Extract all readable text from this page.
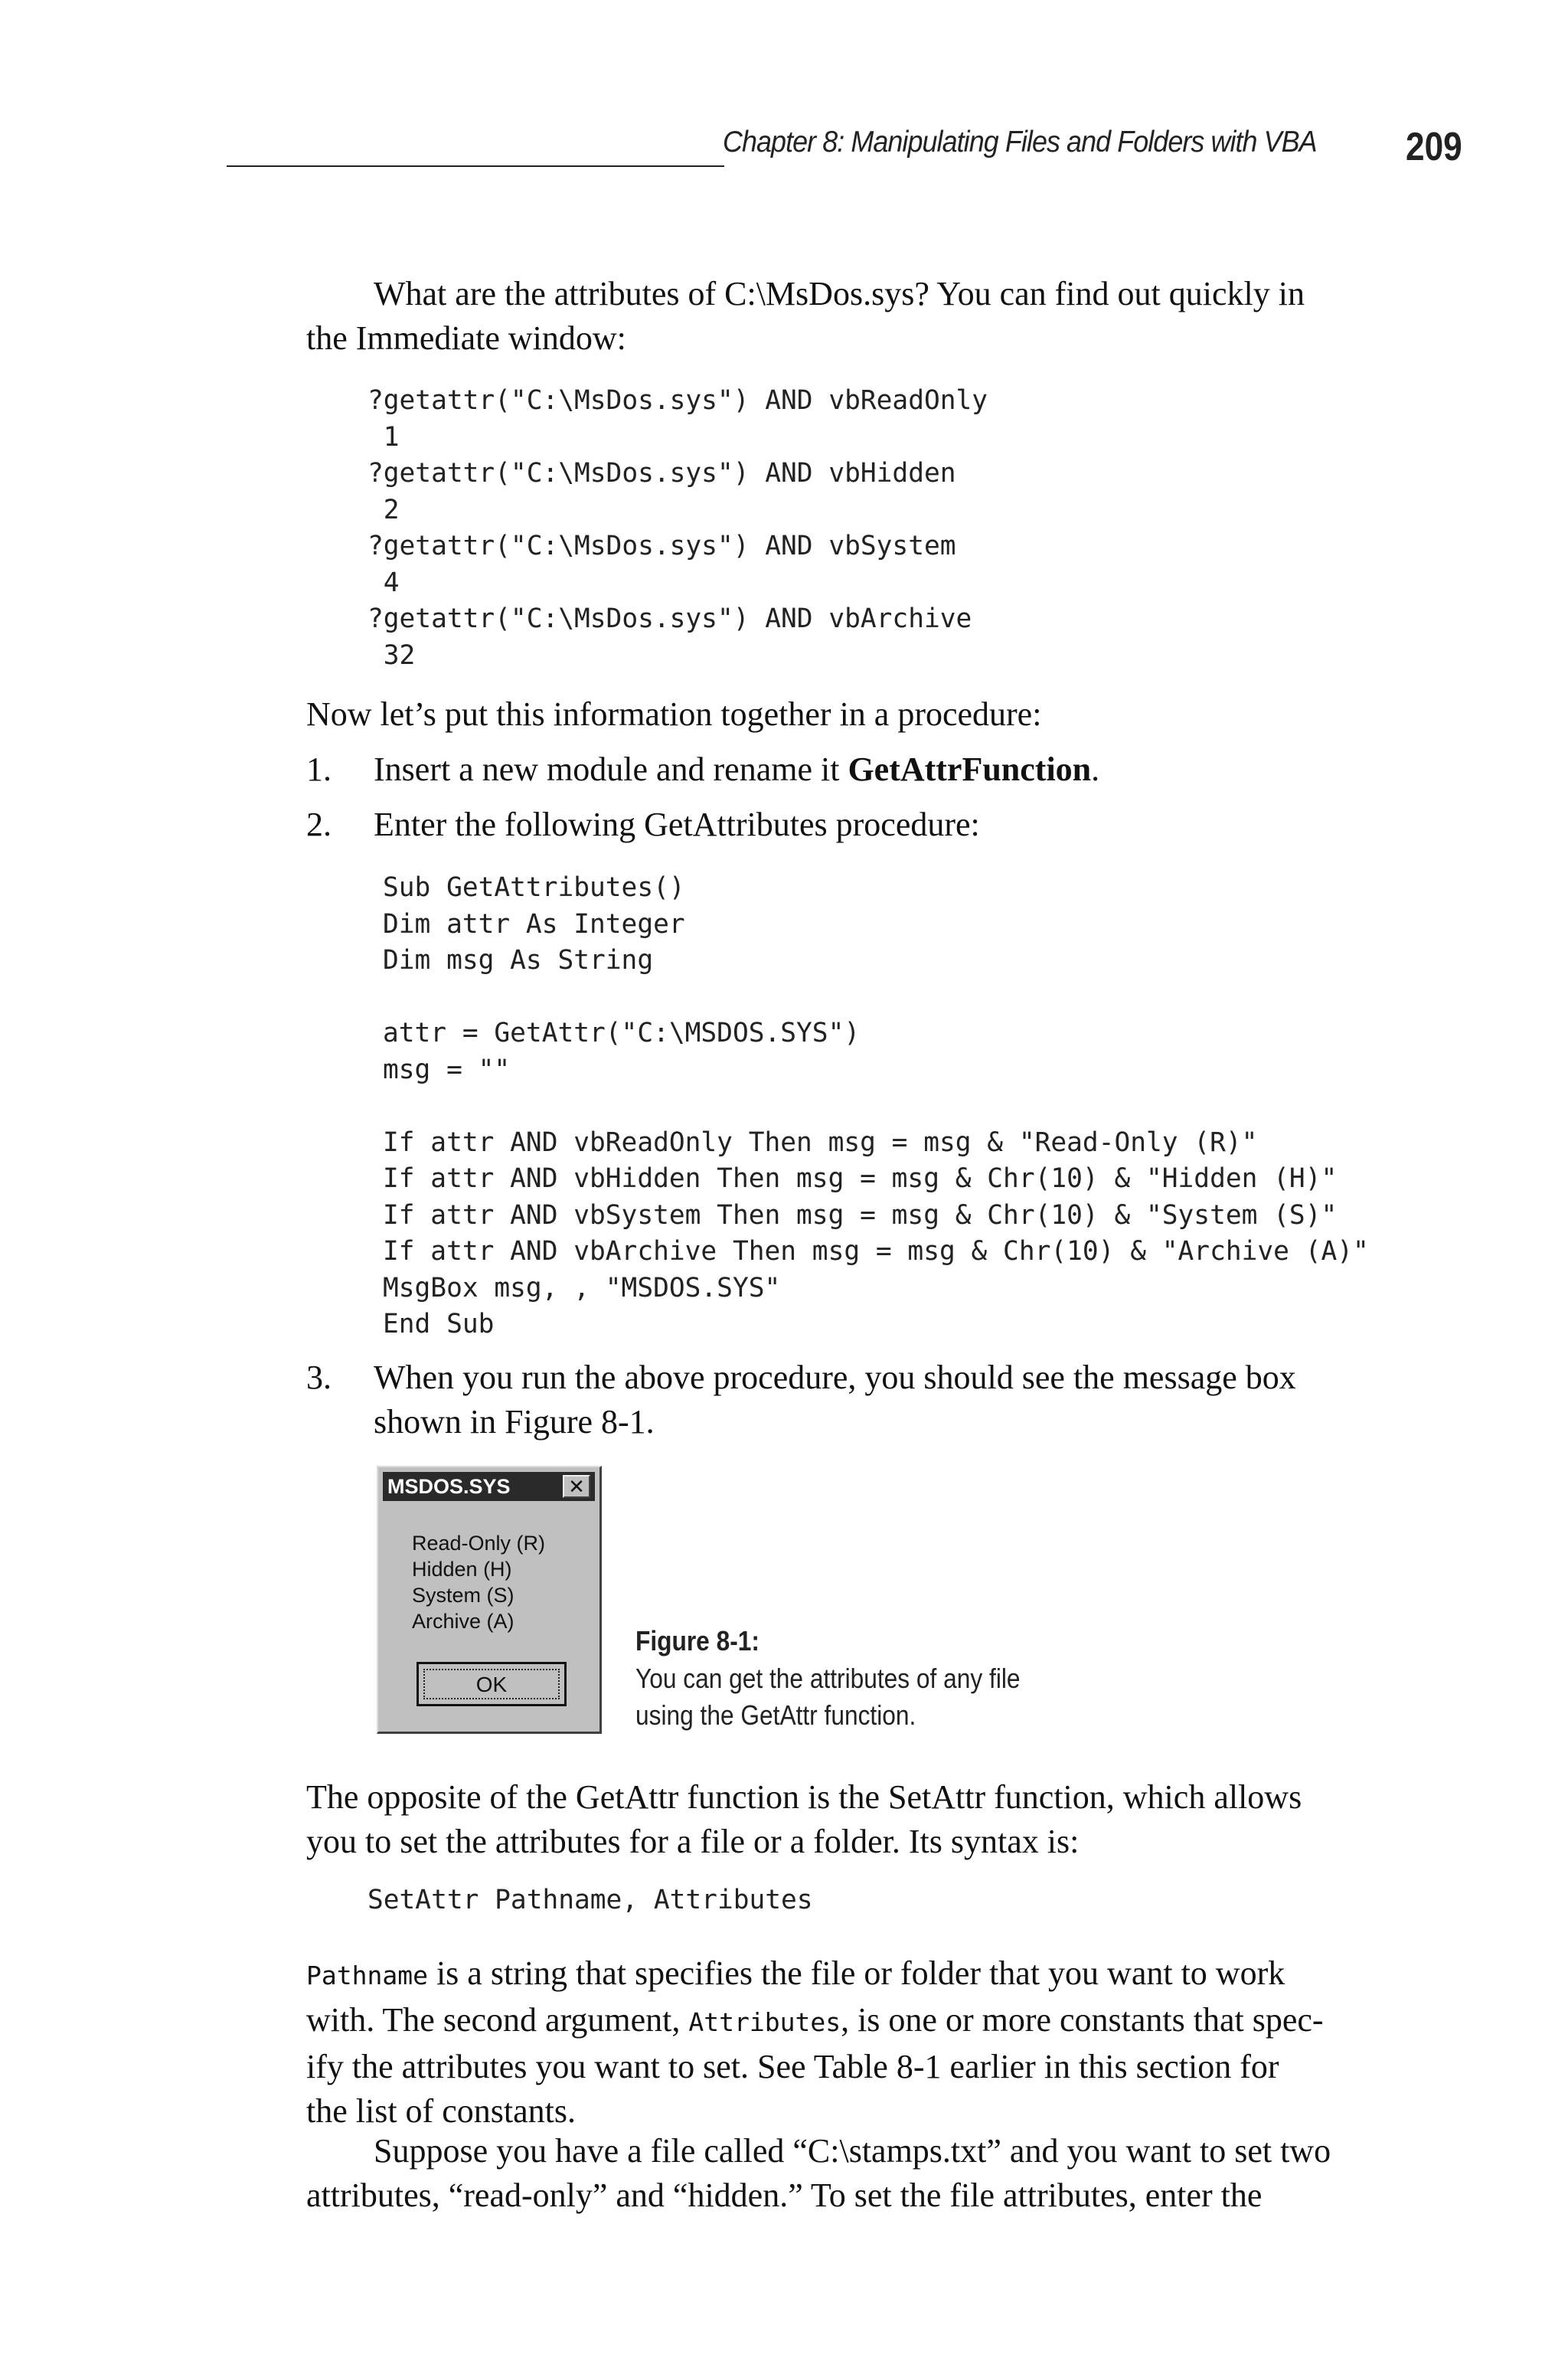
Chapter 8: Manipulating Files and Folders with VBA 209
What are the attributes of C:\MsDos.sys? You can find out quickly in
the Immediate window:
?getattr("C:\MsDos.sys") AND vbReadOnly
1
?getattr("C:\MsDos.sys") AND vbHidden
2
?getattr("C:\MsDos.sys") AND vbSystem
4
?getattr("C:\MsDos.sys") AND vbArchive
32
Now let’s put this information together in a procedure:
1. Insert a new module and rename it GetAttrFunction.
2. Enter the following GetAttributes procedure:
Sub GetAttributes()
Dim attr As Integer
Dim msg As String
attr = GetAttr("C:\MSDOS.SYS")
msg = ""
If attr AND vbReadOnly Then msg = msg & "Read-Only (R)"
If attr AND vbHidden Then msg = msg & Chr(10) & "Hidden (H)"
If attr AND vbSystem Then msg = msg & Chr(10) & "System (S)"
If attr AND vbArchive Then msg = msg & Chr(10) & "Archive (A)"
MsgBox msg, , "MSDOS.SYS"
End Sub
3. When you run the above procedure, you should see the message box
shown in Figure 8-1.
MSDOS.SYS	✕
Read-Only (R)
Hidden (H)
System (S)
Archive (A)
OK
Figure 8-1:
You can get the attributes of any file using the GetAttr function.
The opposite of the GetAttr function is the SetAttr function, which allows
you to set the attributes for a file or a folder. Its syntax is:
SetAttr Pathname, Attributes
Pathname is a string that specifies the file or folder that you want to work
with. The second argument, Attributes, is one or more constants that spec-
ify the attributes you want to set. See Table 8-1 earlier in this section for
the list of constants.
Suppose you have a file called “C:\stamps.txt” and you want to set two
attributes, “read-only” and “hidden.” To set the file attributes, enter the
